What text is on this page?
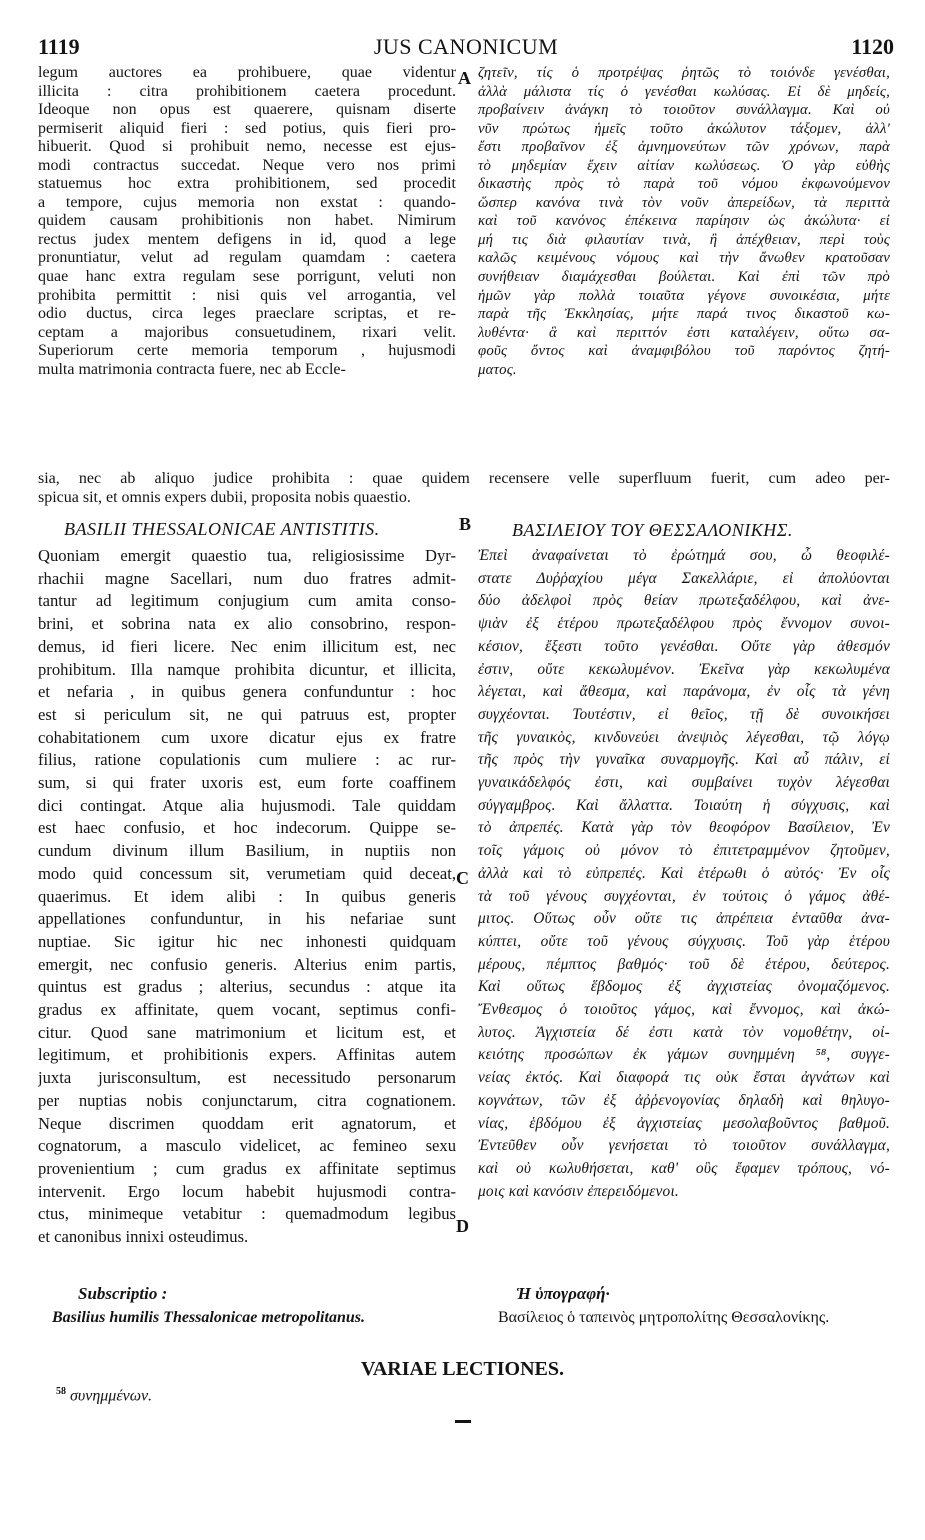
1119	JUS CANONICUM	1120
legum auctores ea prohibuere, quae videntur
illicita : citra prohibitionem caetera procedunt.
Ideoque non opus est quaerere, quisnam diserte
permiserit aliquid fieri : sed potius, quis fieri pro-
hibuerit. Quod si prohibuit nemo, necesse est ejus-
modi contractus succedat. Neque vero nos primi
statuemus hoc extra prohibitionem, sed procedit
a tempore, cujus memoria non exstat : quando-
quidem causam prohibitionis non habet. Nimirum
rectus judex mentem defigens in id, quod a lege
pronuntiatur, velut ad regulam quamdam : caetera
quae hanc extra regulam sese porrigunt, veluti non
prohibita permittit : nisi quis vel arrogantia, vel
odio ductus, circa leges praeclare scriptas, et re-
ceptam a majoribus consuetudinem, rixari velit.
Superiorum certe memoria temporum , hujusmodi
multa matrimonia contracta fuere, nec ab Eccle-
A ζητεῖν, τίς ὁ προτρέψας ῥητῶς τὸ τοιόνδε γενέσθαι,
ἀλλὰ μάλιστα τίς ὁ γενέσθαι κωλύσας. Εἰ δὲ μηδείς,
προβαίνειν ἀνάγκη τὸ τοιοῦτον συνάλλαγμα. Καὶ οὐ
νῦν πρώτως ἡμεῖς τοῦτο ἀκώλυτον τάξομεν, ἀλλ'
ἔστι προβαῖνον ἐξ ἀμνημονεύτων τῶν χρόνων, παρὰ
τὸ μηδεμίαν ἔχειν αἰτίαν κωλύσεως. Ὁ γὰρ εὐθὴς
δικαστὴς πρὸς τὸ παρὰ τοῦ νόμου ἐκφωνούμενον
ὥσπερ κανόνα τινὰ τὸν νοῦν ἀπερείδων, τὰ περιττὰ
καὶ τοῦ κανόνος ἐπέκεινα παρίησιν ὡς ἀκώλυτα· εἰ
μή τις διὰ φιλαυτίαν τινὰ, ἢ ἀπέχθειαν, περὶ τοὺς
καλῶς κειμένους νόμους καὶ τὴν ἄνωθεν κρατοῦσαν
συνήθειαν διαμάχεσθαι βούλεται. Καὶ ἐπὶ τῶν πρὸ
ἡμῶν γὰρ πολλὰ τοιαῦτα γέγονε συνοικέσια, μήτε
παρὰ τῆς Ἐκκλησίας, μήτε παρά τινος δικαστοῦ κω-
λυθέντα· ἃ καὶ περιττόν ἐστι καταλέγειν, οὕτω σα-
φοῦς ὄντος καὶ ἀναμφιβόλου τοῦ παρόντος ζητή-
ματος.
sia, nec ab aliquo judice prohibita : quae quidem recensere velle superfluum fuerit, cum adeo per-
spicua sit, et omnis expers dubii, proposita nobis quaestio.
BASILII THESSALONICAE ANTISTITIS.	B ΒΑΣΙΛΕΙΟΥ ΤΟΥ ΘΕΣΣΑΛΟΝΙΚΗΣ.
Quoniam emergit quaestio tua, religiosissime Dyr-
rhachii magne Sacellari, num duo fratres admit-
tantur ad legitimum conjugium cum amita conso-
brini, et sobrina nata ex alio consobrino, respon-
demus, id fieri licere. Nec enim illicitum est, nec
prohibitum. Illa namque prohibita dicuntur, et illicita,
et nefaria , in quibus genera confunduntur : hoc
est si periculum sit, ne qui patruus est, propter
cohabitationem cum uxore dicatur ejus ex fratre
filius, ratione copulationis cum muliere : ac rur-
sum, si qui frater uxoris est, eum forte coaffinem
dici contingat. Atque alia hujusmodi. Tale quiddam
est haec confusio, et hoc indecorum. Quippe se-
cundum divinum illum Basilium, in nuptiis non
modo quid concessum sit, verumetiam quid deceat,
quaerimus. Et idem alibi : In quibus generis
appellationes confunduntur, in his nefariae sunt
nuptiae. Sic igitur hic nec inhonesti quidquam
emergit, nec confusio generis. Alterius enim partis,
quintus est gradus ; alterius, secundus : atque ita
gradus ex affinitate, quem vocant, septimus confi-
citur. Quod sane matrimonium et licitum est, et
legitimum, et prohibitionis expers. Affinitas autem
juxta jurisconsultum, est necessitudo personarum
per nuptias nobis conjunctarum, citra cognationem.
Neque discrimen quoddam erit agnatorum, et
cognatorum, a masculo videlicet, ac femineo sexu
provenientium ; cum gradus ex affinitate septimus
intervenit. Ergo locum habebit hujusmodi contra-
ctus, minimeque vetabitur : quemadmodum legibus
et canonibus innixi osteudimus.
C
D
Ἐπεὶ ἀναφαίνεται τὸ ἐρώτημά σου, ὦ θεοφιλέ-
στατε Δυῤῥαχίου μέγα Σακελλάριε, εἰ ἀπολύονται
δύο ἀδελφοὶ πρὸς θείαν πρωτεξαδέλφου, καὶ ἀνε-
ψιὰν ἐξ ἑτέρου πρωτεξαδέλφου πρὸς ἔννομον συνοι-
κέσιον, ἔξεστι τοῦτο γενέσθαι. Οὔτε γὰρ ἀθεσμόν
ἐστιν, οὔτε κεκωλυμένον. Ἐκεῖνα γὰρ κεκωλυμένα
λέγεται, καὶ ἄθεσμα, καὶ παράνομα, ἐν οἷς τὰ γένη
συγχέονται. Τουτέστιν, εἰ θεῖος, τῇ δὲ συνοικήσει
τῆς γυναικὸς, κινδυνεύει ἀνεψιὸς λέγεσθαι, τῷ λόγῳ
τῆς πρὸς τὴν γυναῖκα συναρμογῆς. Καὶ αὖ πάλιν, εἰ
γυναικάδελφός ἐστι, καὶ συμβαίνει τυχὸν λέγεσθαι
σύγγαμβρος. Καὶ ἄλλαττα. Τοιαύτη ἡ σύγχυσις, καὶ
τὸ ἀπρεπές. Κατὰ γὰρ τὸν θεοφόρον Βασίλειον, Ἐν
τοῖς γάμοις οὐ μόνον τὸ ἐπιτετραμμένον ζητοῦμεν,
ἀλλὰ καὶ τὸ εὐπρεπές. Καὶ ἑτέρωθι ὁ αὐτός· Ἐν οἷς
τὰ τοῦ γένους συγχέονται, ἐν τούτοις ὁ γάμος ἀθέ-
μιτος. Οὕτως οὖν οὔτε τις ἀπρέπεια ἐνταῦθα ἀνα-
κύπτει, οὔτε τοῦ γένους σύγχυσις. Τοῦ γὰρ ἑτέρου
μέρους, πέμπτος βαθμός· τοῦ δὲ ἑτέρου, δεύτερος.
Καὶ οὕτως ἕβδομος ἐξ ἀγχιστείας ὀνομαζόμενος.
Ἔνθεσμος ὁ τοιοῦτος γάμος, καὶ ἔννομος, καὶ ἀκώ-
λυτος. Ἀγχιστεία δέ ἐστι κατὰ τὸν νομοθέτην, οἰ-
κειότης προσώπων ἐκ γάμων συνημμένη ⁵⁸, συγγε-
νείας ἐκτός. Καὶ διαφορά τις οὐκ ἔσται ἀγνάτων καὶ
κογνάτων, τῶν ἐξ ἀῤῥενογονίας δηλαδὴ καὶ θηλυγο-
νίας, ἑβδόμου ἐξ ἀγχιστείας μεσολαβοῦντος βαθμοῦ.
Ἐντεῦθεν οὖν γενήσεται τὸ τοιοῦτον συνάλλαγμα,
καὶ οὐ κωλυθήσεται, καθ' οὓς ἔφαμεν τρόπους, νό-
μοις καὶ κανόσιν ἐπερειδόμενοι.
Subscriptio :
Basilius humilis Thessalonicae metropolitanus.
Ἡ ὑπογραφή·
Βασίλειος ὁ ταπεινὸς μητροπολίτης Θεσσαλονίκης.
VARIAE LECTIONES.
$^{58}$ συνημμένων.
